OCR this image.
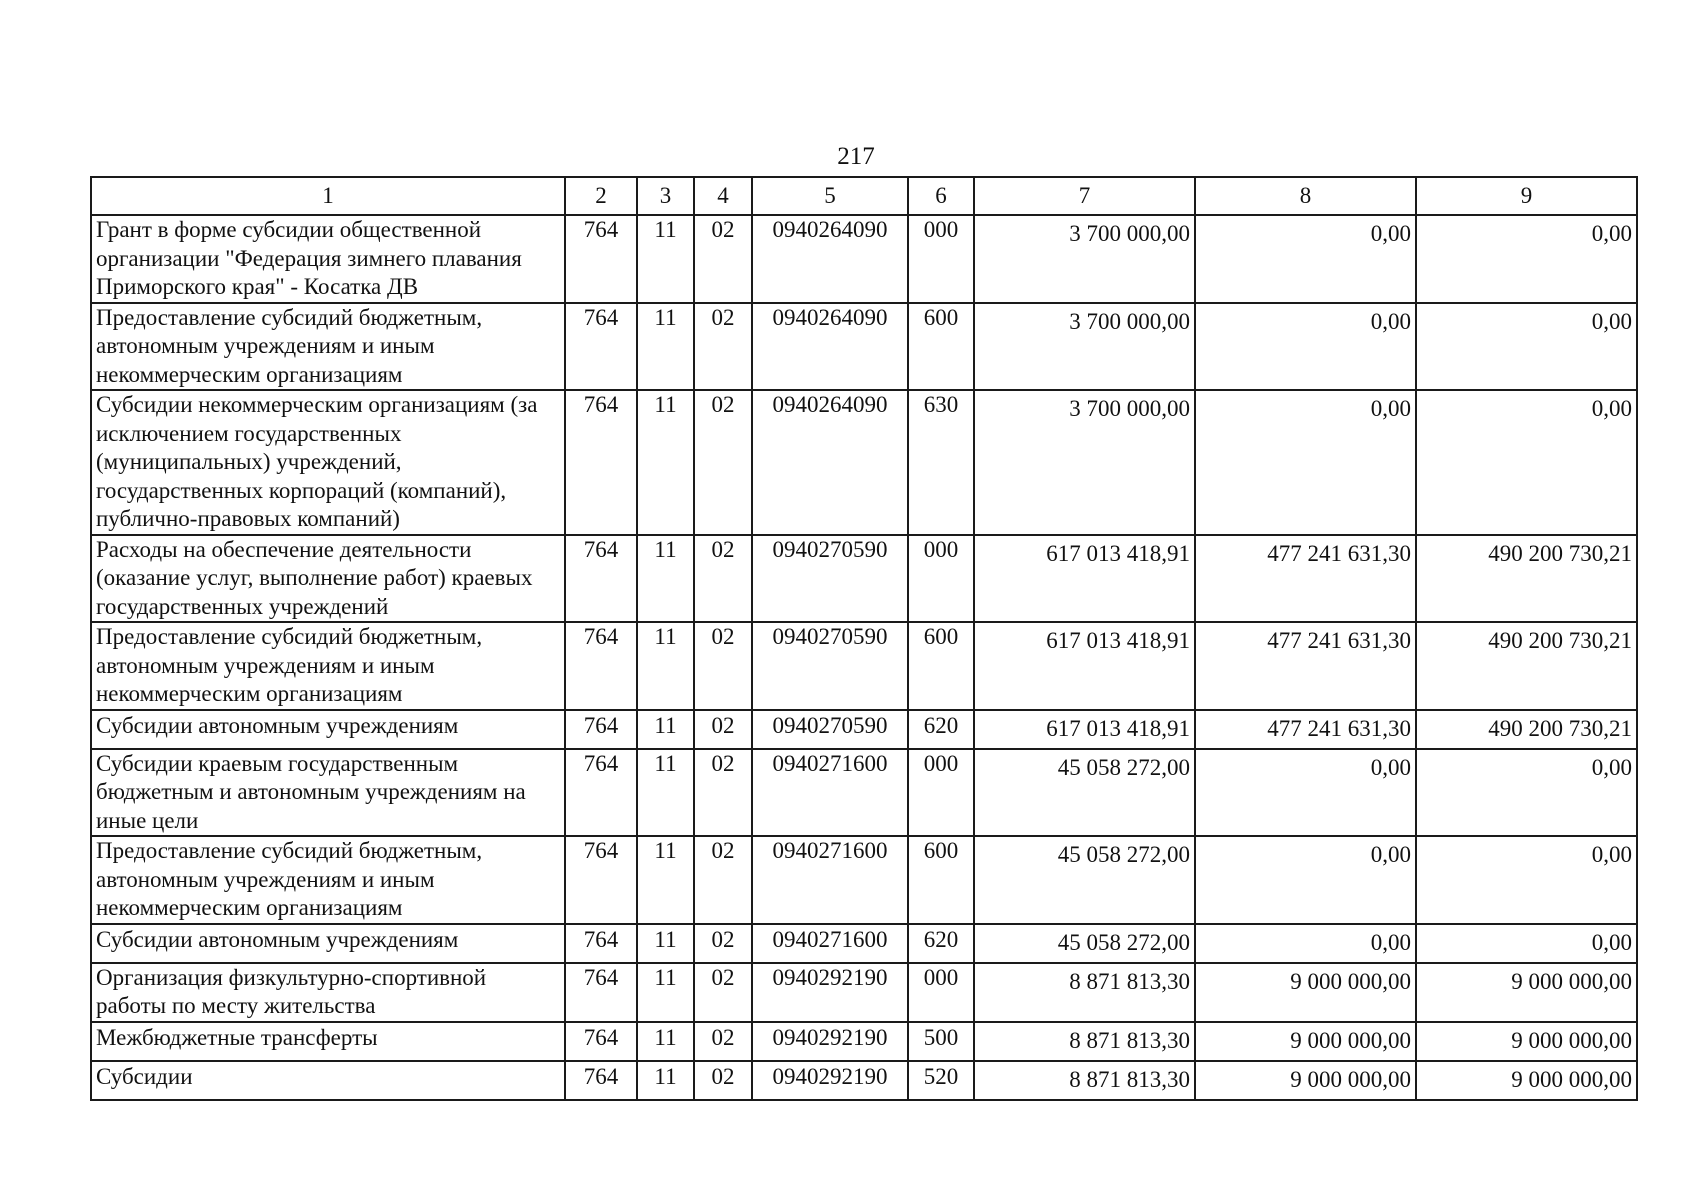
217
1	2	3	4	5	6	7	8	9
Грант в форме субсидии общественной организации "Федерация зимнего плавания Приморского края" - Косатка ДВ	764	11	02	0940264090	000	3 700 000,00	0,00	0,00
Предоставление субсидий бюджетным, автономным учреждениям и иным некоммерческим организациям	764	11	02	0940264090	600	3 700 000,00	0,00	0,00
Субсидии некоммерческим организациям (за исключением государственных (муниципальных) учреждений, государственных корпораций (компаний), публично-правовых компаний)	764	11	02	0940264090	630	3 700 000,00	0,00	0,00
Расходы на обеспечение деятельности (оказание услуг, выполнение работ) краевых государственных учреждений	764	11	02	0940270590	000	617 013 418,91	477 241 631,30	490 200 730,21
Предоставление субсидий бюджетным, автономным учреждениям и иным некоммерческим организациям	764	11	02	0940270590	600	617 013 418,91	477 241 631,30	490 200 730,21
Субсидии автономным учреждениям	764	11	02	0940270590	620	617 013 418,91	477 241 631,30	490 200 730,21
Субсидии краевым государственным бюджетным и автономным учреждениям на иные цели	764	11	02	0940271600	000	45 058 272,00	0,00	0,00
Предоставление субсидий бюджетным, автономным учреждениям и иным некоммерческим организациям	764	11	02	0940271600	600	45 058 272,00	0,00	0,00
Субсидии автономным учреждениям	764	11	02	0940271600	620	45 058 272,00	0,00	0,00
Организация физкультурно-спортивной работы по месту жительства	764	11	02	0940292190	000	8 871 813,30	9 000 000,00	9 000 000,00
Межбюджетные трансферты	764	11	02	0940292190	500	8 871 813,30	9 000 000,00	9 000 000,00
Субсидии	764	11	02	0940292190	520	8 871 813,30	9 000 000,00	9 000 000,00
